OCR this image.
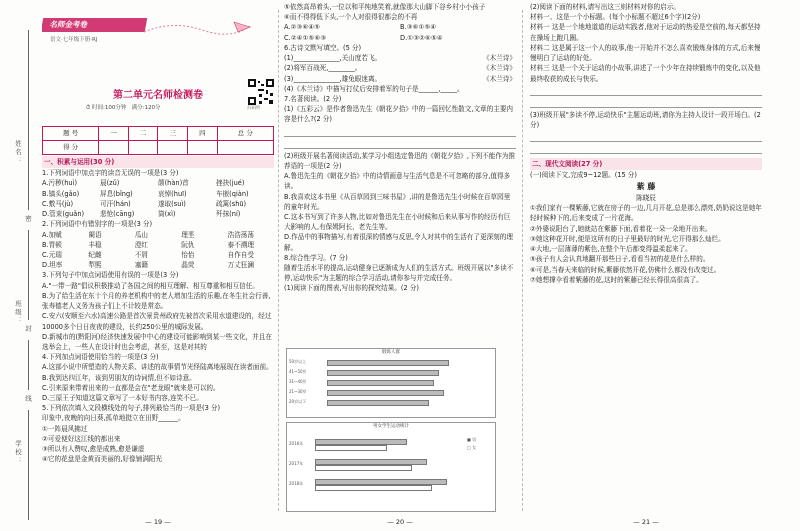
姓名：
班级：
学校：
密
封
线
名师金考卷
语文·七年级下册·RJ
扫码听
第二单元名师检测卷
⏱ 时间:100分钟 满分:120分
题 号	一	二	三	四	总 分
得 分					

一、积累与运用(30 分)

1.下列词语中加点字的读音无误的一项是(3 分)

A.污秽(huì)	晨(zǔ)	颌(hàn)首	挫抉(jué)
B.镐头(gǎo)	屏息(bǐng)	哀悼(huī)	车嵌(qiàn)
C.敷马(jù)	可汗(hán)	遂取(suì)	疏篱(shū)
D.管束(guǎn)	悲怆(cāng)	筒(xì)	歼抹(ní)

2.下列词语中有错别字的一项是(3 分)

A.加赋	阑语	瓜山	理垩	浩浩荡荡
B.胃顿	丰稳	澄红	阮仇	泰不溯理
C.元瑞	纪雌	不屑	怡怡	自作自受
D.坦率	犁熙	塞籍	晶荧	万丈狂澜

3.下列句子中加点词语使用有误的一项是(3 分)

A."一带一路"倡议积极推动了各国之间的相互理解、相互尊重和相互信任。

B.为了给生活在东十个月的养老机构中的老人增加生活的乐趣,在冬生社会行善,张寿德老人义务为孩子们上不计较是常态。

C.安六(安顺至六水)高速公路是首次景贵州政府先被首次采用水道建设的，经过10000多个日日夜夜的建设，长约250公里的城际发展。

D.新城市的(黔阳河)经济快速发展中中心的建设可能影响到某一些文化，并且在选举会上，一些人在设计时也会考虑，甚至，这是对其的

4.下列加点词语使用恰当的一项是(3 分)

A.这部小说中所塑造的人物关系、讲述的故事情节光怪陆离地展现在读者面前。

B.我到达四江年，该到男朋友的诗词情,但不如诗意。

C.引来原来带着出来的一直都是会在"老龙眼"就来是可以的。

D.三原王子知道这篇文章写了一本好书内容,连笑不已。

5.下列依次填入文段横线处的句子,排列最恰当的一项是(3 分)

印象中,夜晚的向日葵,孤单地挺立在田野______。

①一阵晨风拂过

②可爱便好这江线的都出来

③所以有人赞叹,愈是成熟,愈是谦虚

④它的花盘是金黄而美丽的,好像铺满阳光

— 19 —

⑤依然高昂着头,一位以和平纯地笑着,就像那大山脚下谷乡村小小孩子

⑥而不得得低下头,一个人对很得很都会的不再

A.②③⑥④⑤	B.③⑥①⑤④
C.②④①⑤⑥③	D.①③②⑥⑤④

6.古诗文默写填空。(5 分)

(1)______________,关山度若飞。	《木兰诗》
(2)将军百战死,________。	《木兰诗》
(3)______________,雄兔眼迷离。	《木兰诗》

(4)《木兰诗》中描写打仗后安排着军的句子是______,_____。

7.名著阅读。(2 分)

(1)《五彩云》是作者鲁迅先生《朝花夕拾》中的一篇回忆性散文,文章的主要内容是什么?(2 分)

(2)班级开展名著阅读活动,某学习小组选定鲁迅的《朝花夕拾》,下列不能作为推荐语的一项是(2 分)

A.鲁迅先生的《朝花夕拾》中的诗情画意与生活气息是不可忽略的部分,值得多读。

B.我喜欢这本书里《从百草园到三味书屋》,讲的是鲁迅先生小时候在百草园里的童年时光。

C.这本书写到了许多人物,比如对鲁迅先生在小时候和后来从事写作的经历有巨大影响的人,有保姆阿长、老先生等。

D.作品中的事物描写,有着很深的情感与反思,令人对其中的生活有了更深刻的理解。

8.综合性学习。(7 分)

随着生活水平的提高,运动健身已逐渐成为人们的生活方式。班级开展以"多读不停,运动快乐"为主题的综合学习活动,请你参与并完成任务。

(1)阅读下面的图表,写出你的探究结果。(2 分)

锻炼人群
50岁以上
41~50岁
31~40岁
21~30岁
20岁以下
男女学生运动统计
2016年
2017年
2018年
■ 男
□ 女
— 20 —

(2)阅读下面的材料,请写出这三则材料对你的启示。

材料一、这是一个小标题。(每个小标题不超过6个字)(2分)

材料一 这是一个地地道道的运动实践者,他对于运动的热爱是空前的,每天都坚持在操场上跑几圈。

材料二 这是属于这一个人的故事,他一开始并不怎么喜欢锻炼身体的方式,后来慢慢明白了运动的好处。

材料三 这是一个关于运动的小故事,讲述了一个少年在持续锻炼中的变化,以及他最终收获的成长与快乐。

(3)班级开展"多读不停,运动快乐"主题运动班,请你为主持人设计一段开场白。(2 分)

二、现代文阅读(27 分)

(一)阅读下文,完成9~12题。(15 分)

紫 藤

陈晓辰

①我们家有一棵紫藤,它就在房子的一边,几月开花,总是那么漂亮,奶奶说这是她年轻时候种下的,后来变成了一片花海。

②外婆说阳台了,她就站在紫藤下面,看着花一朵一朵地开出来。

③她这种花开时,便是这所有的日子里最好的时光,它开得那么灿烂。

④大地,一层薄薄的紫色,在整个午后都变得温柔起来了。

⑤孩子有人会认真地翻开那些日子,看看当初的花是什么样的。

⑥可是,当春天来临的时候,紫藤依然开花,仿佛什么都没有改变过。

⑦她想撑伞看着紫藤的花,这时的紫藤已经长得很高很高了。

— 21 —
